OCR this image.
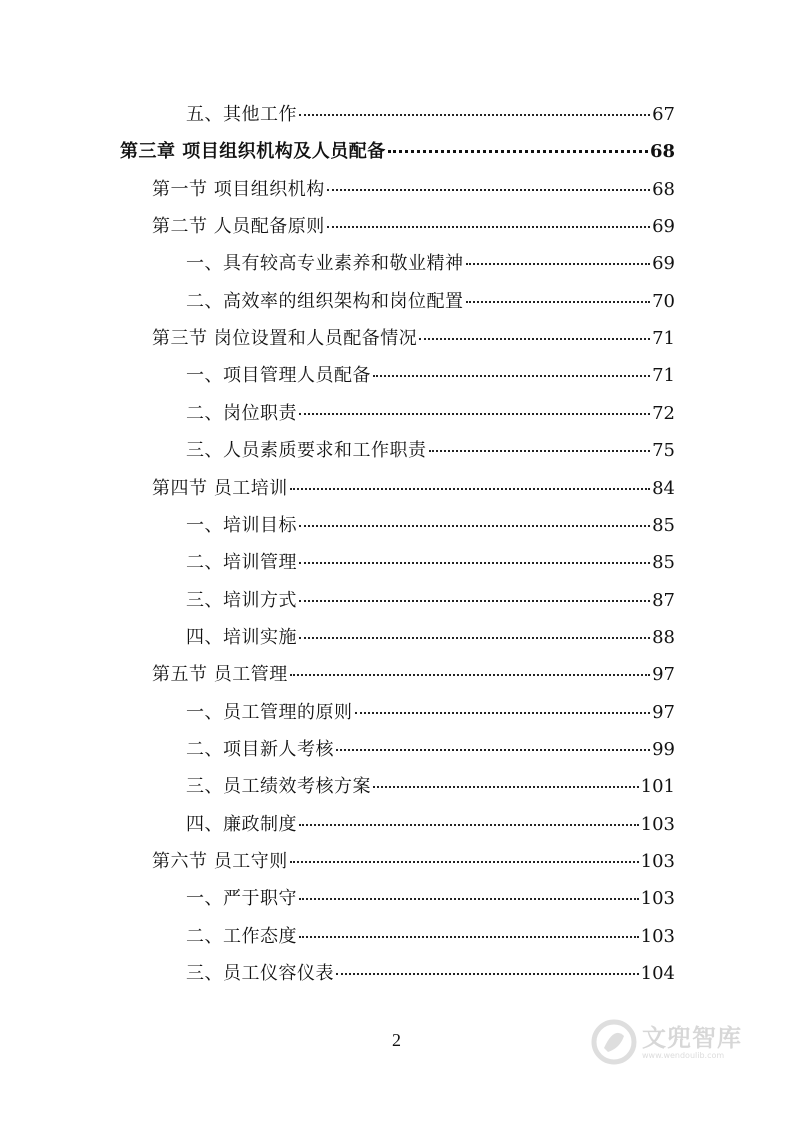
五、其他工作	67
第三章 项目组织机构及人员配备	68
第一节 项目组织机构	68
第二节 人员配备原则	69
一、具有较高专业素养和敬业精神	69
二、高效率的组织架构和岗位配置	70
第三节 岗位设置和人员配备情况	71
一、项目管理人员配备	71
二、岗位职责	72
三、人员素质要求和工作职责	75
第四节 员工培训	84
一、培训目标	85
二、培训管理	85
三、培训方式	87
四、培训实施	88
第五节 员工管理	97
一、员工管理的原则	97
二、项目新人考核	99
三、员工绩效考核方案	101
四、廉政制度	103
第六节 员工守则	103
一、严于职守	103
二、工作态度	103
三、员工仪容仪表	104
2	文兜智库
www.wendoulib.com
